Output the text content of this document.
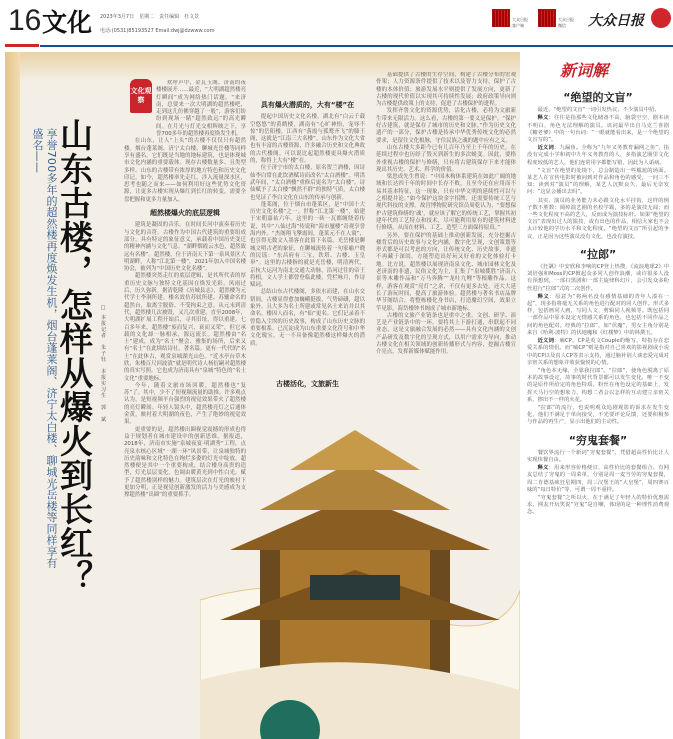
16 文化 2023年3月7日　星期二　责任编辑　杜文景
电话:(0531)85193527 Email:dwj@dzwww.com
大众日报
客户端
大众日报
微信	大众日报
享誉700多年的超然楼再度焕发生机，烟台蓬莱阁、济宁太白楼、聊城光岳楼等同样享有盛名—— 山东古楼，怎样从爆火到长红？ □ 本报记者　朱子钰　本报实习生　郭　斌
文化观察

欢呼声中，金瓦玉阁、济南的夜楼楼展开……最近，“大明湖超然楼亮灯瞬间”成为网络热门话题。“来济南，总要来一次大明湖的超然楼吧，走到这儿仿佛穿越了一般”，游客们纷纷到现场一睹“超然致远”的高光瞬间。在月光与灯光交相辉映之下，享誉700多年的超然楼再度焕发生机。

在山东，让人“上头”的古楼不仅仅只有超然楼。烟台蓬莱阁、济宁太白楼、聊城光岳楼等同样享有盛名。它们既是当地的地标建筑，也是体现城市文化内涵的重要载体。现存古楼数量多、且类型多样。山东的古楼带有浓厚的地方特色和历史文化印记。如今，超然楼率先走红，涉入流量深水区，思考也随之而来——如何利用好这些优势文化资源，让更多古楼实现从爆红到长红的转变，需要全盘把握和更多力量加入。

超然楼爆火的底层逻辑

建筑是凝固的音乐。在时间长河中演奏着历史与文化的音符。古楼作为中国古代建筑的重要组成部分，具有特定的象征意义，承载着中国历史变迁的精神内涵与文化气息。“湖畔烟霞云水色，超然致远有名楼”。超然楼，位于济南天下第一泉风景区大明湖畔，人称“江北第一楼”，2021年加入中国名楼协会，被列为“中国历史文化名楼”。

超然楼突然走红的底层逻辑，是其所代表的厚重历史文脉与独特文化基因在焕发光彩。风雨过后，历久弥新。据清乾隆《历城县志》，超然楼为元代学士李泂所建。楼名效仿苏轼所建、苏辙命名的超然台，取离尘脱俗、不受拘束之意。从元末到清代，超然楼几次被毁，又几次重建。直至2008年，大明湖扩展工程开始后，寻其旧址，得以重建。七百多年来，超然楼“废而复兴，衰而又荣”，但它承载的文化却一脉相承，源远流长。超然楼由“名士”建成，成为“名士”聚会、雅集的场所，后来又有“名士”在此续结诗社，著名篇。更有一代代的“名士”在此休古，观赏泉城湖光山色。“近水亭台草木欣，朱楼百尺回波濆”就是明代诗人杨衍嗣对超然楼的真实写照。它也成为济南具有“泉城”特色的“名士文化”重要地标。

今年，随着文旅市场回暖，超然楼也“复苏”了。其中，少不了短视频流量的助推。许多观点认为，是短视频平台强烈的视觉效果带火了超然楼的亮灯瞬间。年轻人镜头中，超然楼亮灯之后通体金黄，映衬着大明湖的夜色，产生了绝妙的视觉效果。

更重要的是，超然楼出圈视觉震撼的形成也得益于规划者在城市建设中的创新思维。据报道，2018年，济南市实施“泉城夜宴·明湖秀”工程，点亮泉水核心区域“一湖一环”风景带，让泉城独特的历史韵味和文化特色在绚烂多姿的灯光中绽放。超然楼便是其中一个重要构成，结合楼身高贵的造型，灯光层层变化，色调由暖黄光到中性白光，赋予了超然楼别样的魅力。建筑层次在灯光的映衬下更加分明，正是视觉创新激发的活力与美感成为支撑超然楼“出圈”的重要抓手。

具有爆火潜质的，大有“楼”在

提起中国历史文化名楼，湖北有“白云千载空悠悠”的黄鹤楼，湖南有“心旷神怡，宠辱不惊”的岳阳楼，江西有“落霞与孤鹜齐飞”的滕王阁，这就是“江南三大名楼”。山东作为文化大省也有丰富的古楼资源，许多融合历史和文化典故的古代楼阁。可以说比起超然楼更具爆火潜质的，称得上大有“楼”在。

位于济宁市的太白楼，原名贺兰酒楼，因诗仙李白常在此饮酒赋诗而改名“太白酒楼”。明洪武年间，“太白酒楼”重修后更名为“太白楼”。诗仙赋予了太白楼“飘然不群”的独特气质，太白楼也见证了李白文化在山东的传承与创新。

蓬莱阁，位于烟台市蓬莱区，是“中国十大历史文化名楼”之一。世称“江北第一楼”，始建于宋朝嘉祐六年。这里的一砖一瓦都缠绕着传说，其中“八仙过海”传说和“海市蜃楼”奇观享誉海内外。“杰阁翔飞擎霞间，蓬莱元不在人寰”，也引得无数文人墨客在此留下名篇。光岳楼是聊城文明古老的象征，在聊城流传着一句家喻户晓的民谣：“东昌府有三宝，铁塔、古楼、玉皇皋”。这里的古楼指的就是光岳楼，明清两代，京杭大运河为南北交通大动脉，沿河过往的帝王将相，文人学士都曾登临此楼，凭栏咏月，作诗赋词。

总结山东古代楼阁，多依水而建，在山水交错间，古楼显得愈加巍峨挺拔，气势磅礴，超以象外。且大多为名士所建或常见名士来访并以其命名。楼因人而名，有“仙”更名。它们记录着不曾隐入尘埃的历史故事，构成了山东历史文脉的重要根系。已沉淀成为山东重要文化符号和中华文化瑰宝。无一不具备像超然楼这样爆火的潜质。

古楼活化，文旅新生

基础提供了古楼的生存空间，构建了古楼分布的宏观骨架；人力资源条件提供了技术以及智力支持，保护了古楼的本体价值；旅游发展水平则提供了发展方向，更新了古楼的现代价值以实现其可持续性发展；政府政策导向则为古楼提供政策上的支持，促进了古楼保护的进程。

发挥齐鲁文化的资源优势，活化古楼，必将为文旅新生带来无限活力。这么看，古楼的第一要义是保护。“保护好古建筑，就是保存了城市的历史和文脉。”作为历史文化遗产的一部分，保护古楼是传承中华优秀传统文化的必然要求，是留住文化根脉，守住民族之魂的题中应有之义。

山东古楼大多距今已有几百年乃至上千年的历史，在延续过程中也历经了毁灭到新生的多次蜕变。因此，要格外重视古楼的保护与修缮，只有将古建筑保存下来才能体现出其历史、艺术、科学的价值。

梁思成先生曾说：“中国木构体系建筑在如此广阔的地域和长达四千年的时间中长存不败，且至今还在应用而不易其基本特征，这一现象，只有中华文明的延续性可以与之相提并论。”如今保护这块金字招牌，还需要传统工艺与现代科技的支撑。故宫博物院研究馆员周乾认为，“要想保护古建筑修缮的‘魂’，就应该了解它的传统工艺，掌握其初建年代的工艺特点和技术，尽可能利用原有的建筑材料进行修缮，从而在材料、工艺、造型三方面保持原真。”

另外，要在保护的基础上推动创新发展，充分挖掘古楼背后的历史故事与文化内涵，数字化呈现，文创策划等形式都是可以考虑的方向，让传统文化、历史故事，非遗不再藏于深闺，方能塑造出好玩又好看的文化体验打卡地。比方说，超然楼以展现济南泉文化、城市园林文化及老济南的非遗，民俗文化为主，汇集了“泉城揽胜”济南八景等木雕作品和“万马奔腾”“龙吐九鲤”等根雕作品。这样，游客在观赏“亮灯”之余，不仅有更多去处，还大大延长了游玩时间，提高了旅游体验。超然楼与著名书店品牌华节阁结合，将整栋楼化身书店，打造魔幻空间，效果立竿见影，海岱楼钟书阁成了城市新地标。

古楼的文旅产业链条也是重中之重。文创、研学、演艺是产业链条中的一环，要将其上下游打通，串联起不同业态，这是文旅融合发展的必然——具有文化内涵的文创产品研发及数字化的呈现方式，以用户需求为导向，推动古楼文化在相关领域的创新传播形式与内容，挖掘古楼宣介亮点，发挥新媒体赋能作用。

新词解
“绝望的文盲”

最近，“绝望的文盲”一词引发热议，不少演员中招。

释义：往往是指那些文化储备不高，脑袋空空，剧本读不明白，角色无法理解的演员。该词最早出自马克兰喜剧《糖老爹》中的一句台词：“一眼就能看出来，是一个绝望的文盲写的”。

近义词：九漏鱼。全称为“九年义务教育漏网之鱼”，指没有完成小学和初中九年义务教育的人，多指演艺圈里文化程度较低的艺人，他们连常用字都能写错，因此为人诟病。

“文盲”在绝望的处境下，总会制造出一些尴尬的场面。某艺人在宣传电影时被问到对作品和角色的感受，一问三不知；读到对“演员”的理解，某艺人沉默良久，最后无奈发问：“这显会播出去吗”。

其实，演员的业务能力未必跟文化水平挂钩，这样的例子数不胜数：阔绰演艺圈的名校学霸，多的是演技无闻；而一些文化程度不高的艺人，反而成为演技标杆。如果“绝望的文盲”表现出过人的演技，或有出色的作品，相信大家也不会太计较他的学历水平和文化程度。“绝望的文盲”所引起的争议，正是因为这些演员没有文化，也没有演技。

“拉郎”

《狂飙》中安欣和李响的CP登上热搜，《流浪地球2》中刘培强和Moss的CP掀起众多同人创作浪潮，或许很多人没有预想到，一部扫黑剧和一部主旋律科幻片，会引发众多粉丝进行“拉郎”式的二次创作。

释义：原意为“将两名没有感情基础的青年人凑在一起”，现多指将毫无关系的角色进行配对的同人创作。形式多样，包括画同人画，写同人文、剪辑同人视频等。既包括同一部作品中原本设定无情感关系的角色，也包括不同作品之间的角色配对。经典的“拉郎”，如“伏魔”，男女主角分别是来自《哈利·波特》的伏地魔和《红楼梦》中的林黛玉。

近义词：嗑CP。CP是英文Couple的缩写，特指存在恋爱关系的情侣。而“嗑CP”则是指对自己喜欢的影视剧或小说中的CP以及真人CP等表示支持，通过脑补别人谈恋爱完成对亲密关系的想象并收获愉悦的心情。

“角色本无缘，全靠我拉郎”。“拉郎”，使角色脱离了原本的故事设定，故事的时代背景都可以发生变化，唯一不变的是原作所给定的角色特质，粉丝在角色设定的基础上，发挥天马行空的想象力，构想二者会以怎样的互动建立亲密关系，擦出不一样的火花。

“拉郎”的流行，也说明观众追剧观影的诉求在发生变化，他们不满足于单向接受，不光要评论反馈，还要积极参与作品的再生产，显示出他们的主动性。

“穷鬼套餐”

餐饮界流行一个新词“穷鬼套餐”，凭借超高性价比让人实现快餐自由。

释义：用来形容价格便宜、高性价比的套餐组合。有网友总结了穷鬼的一周菜单，分别是周一麦当劳的穷鬼套餐，周二肯德基疯狂星期四，周三汉堡王的“大皇堡”，周四赛百味的“每日特价”等，可谓一周不重样。

“穷鬼套餐”之所以火，在于满足了年轻人的特价优惠需求，网友开玩笑说“穷鬼”是自嘲，体现的是一种理性消费观念。
